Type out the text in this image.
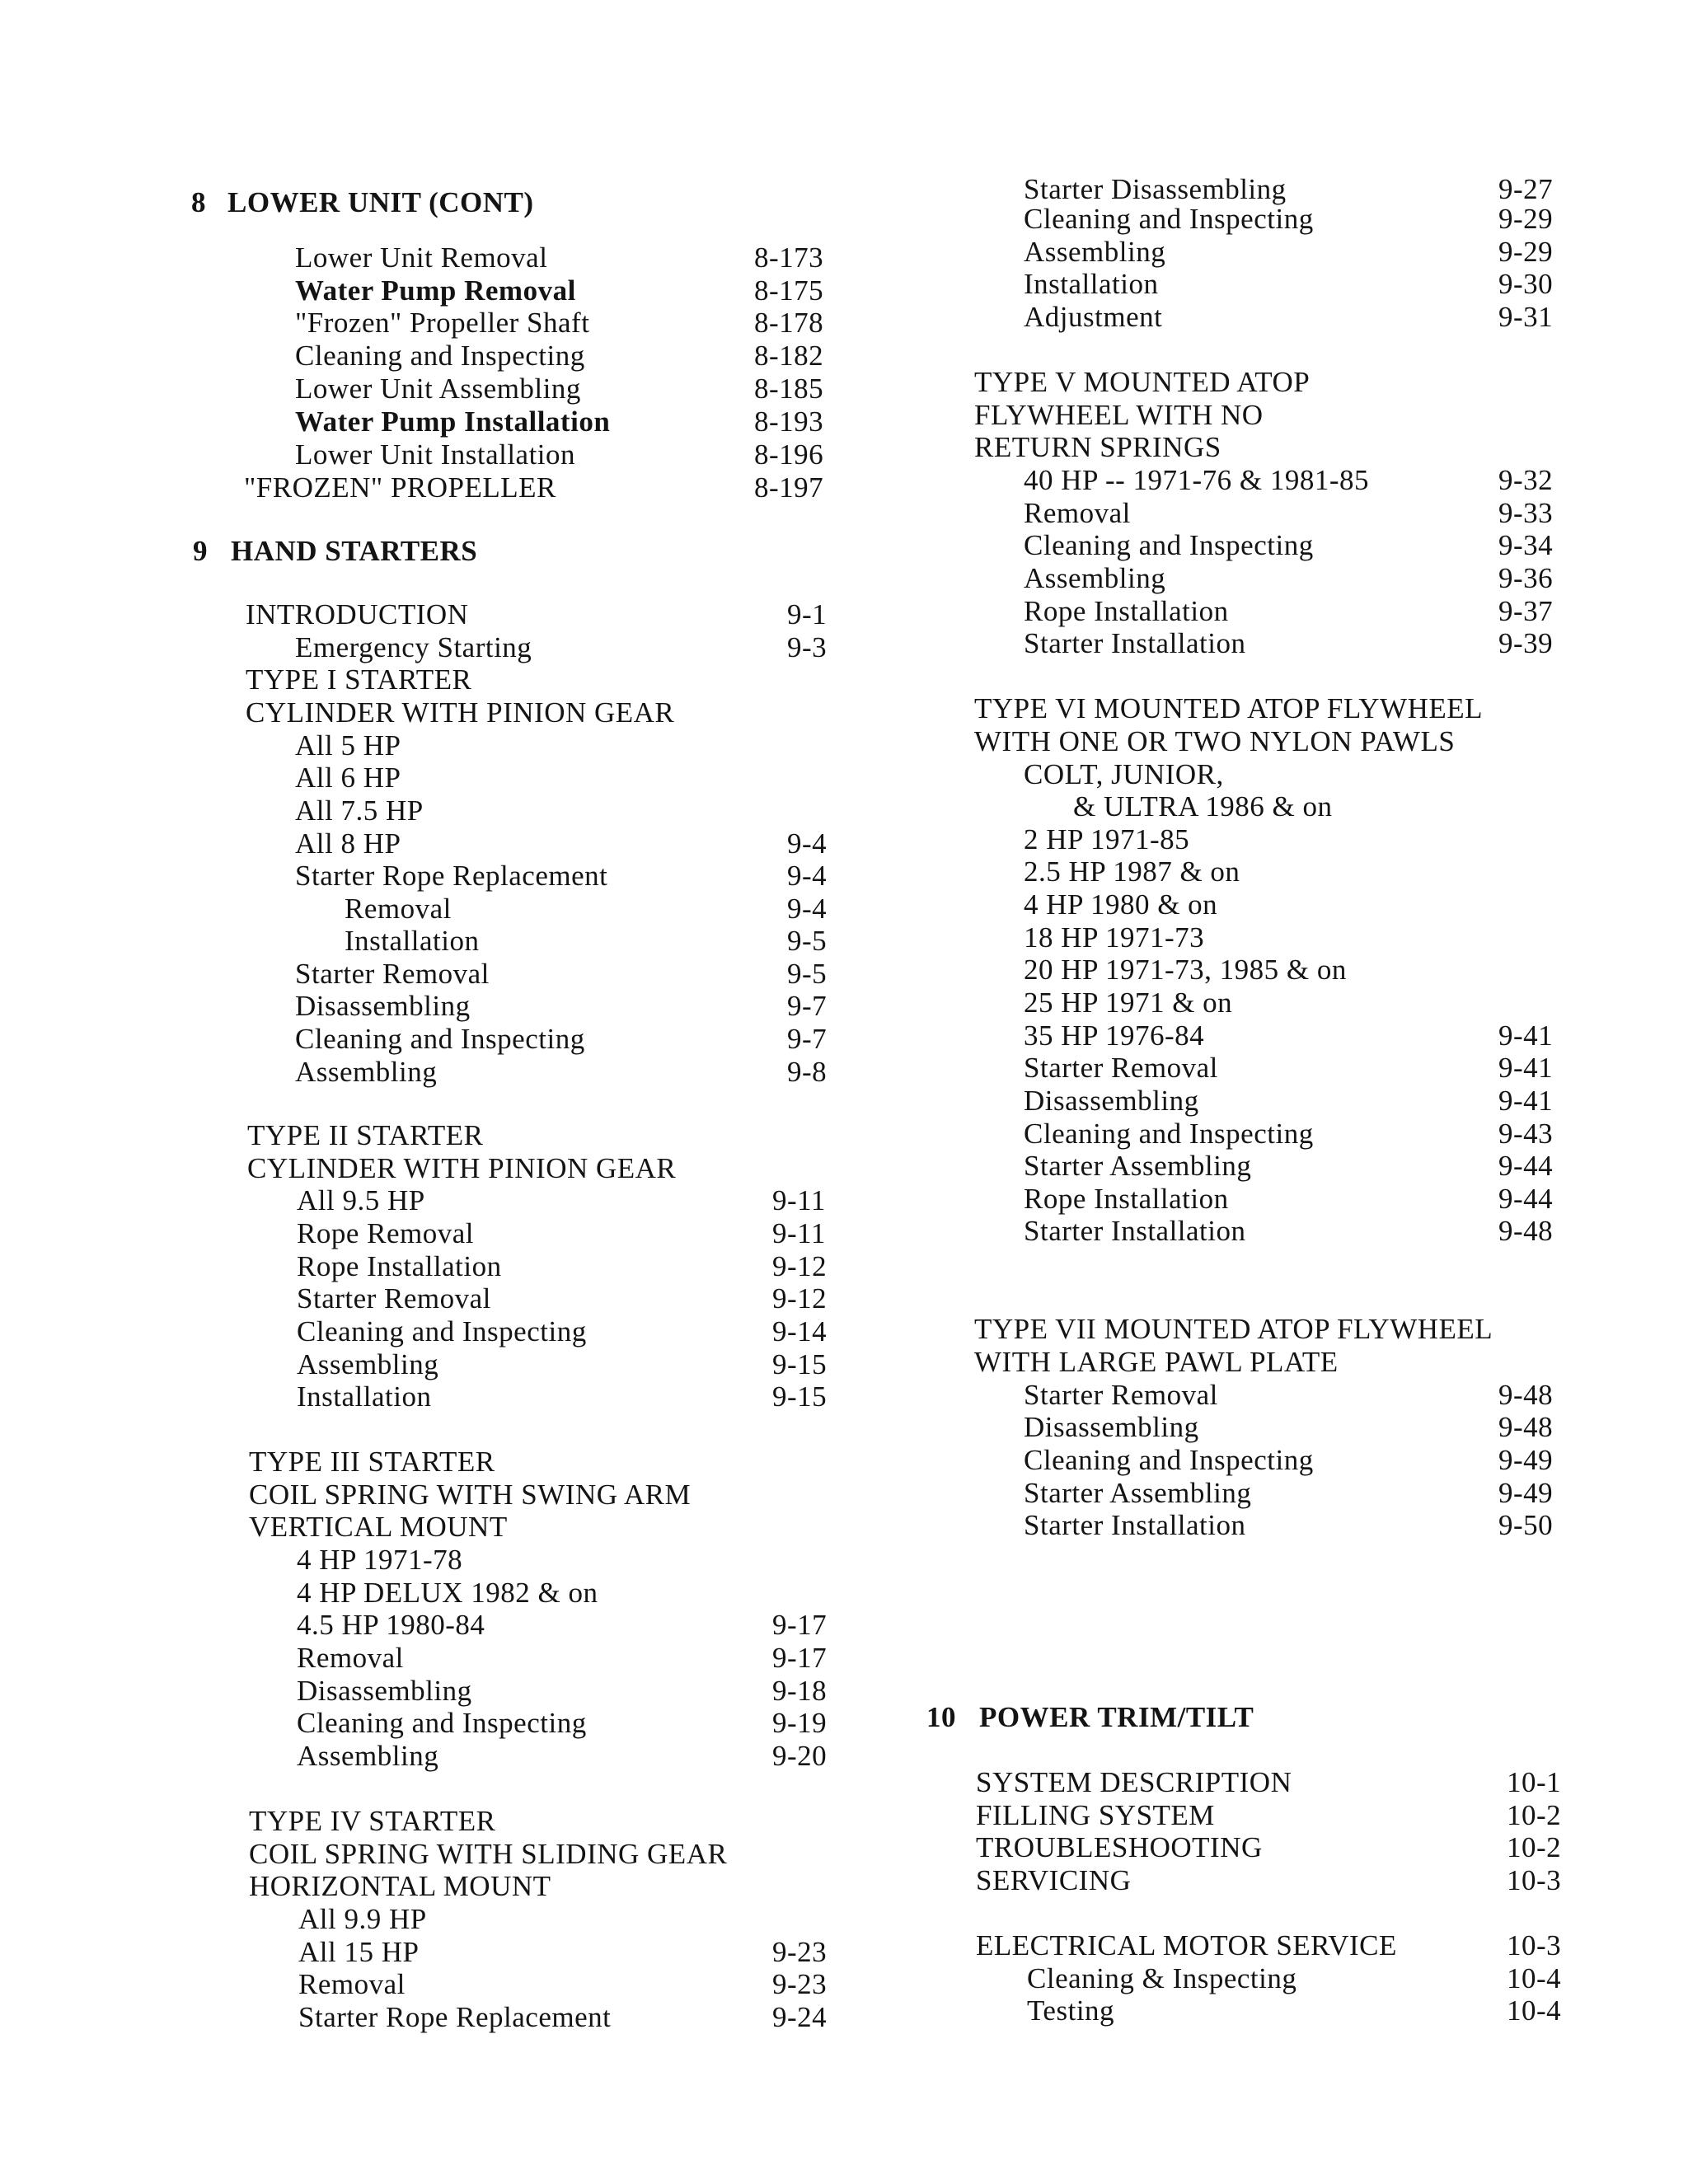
8 LOWER UNIT (CONT)
Lower Unit Removal	8-173
Water Pump Removal	8-175
"Frozen" Propeller Shaft	8-178
Cleaning and Inspecting	8-182
Lower Unit Assembling	8-185
Water Pump Installation	8-193
Lower Unit Installation	8-196
"FROZEN" PROPELLER	8-197
9 HAND STARTERS
INTRODUCTION	9-1
Emergency Starting	9-3
TYPE I STARTER
CYLINDER WITH PINION GEAR
All 5 HP
All 6 HP
All 7.5 HP
All 8 HP	9-4
Starter Rope Replacement	9-4
Removal	9-4
Installation	9-5
Starter Removal	9-5
Disassembling	9-7
Cleaning and Inspecting	9-7
Assembling	9-8
TYPE II STARTER
CYLINDER WITH PINION GEAR
All 9.5 HP	9-11
Rope Removal	9-11
Rope Installation	9-12
Starter Removal	9-12
Cleaning and Inspecting	9-14
Assembling	9-15
Installation	9-15
TYPE III STARTER
COIL SPRING WITH SWING ARM
VERTICAL MOUNT
4 HP 1971-78
4 HP DELUX 1982 & on
4.5 HP 1980-84	9-17
Removal	9-17
Disassembling	9-18
Cleaning and Inspecting	9-19
Assembling	9-20
TYPE IV STARTER
COIL SPRING WITH SLIDING GEAR
HORIZONTAL MOUNT
All 9.9 HP
All 15 HP	9-23
Removal	9-23
Starter Rope Replacement	9-24
Starter Disassembling	9-27
Cleaning and Inspecting	9-29
Assembling	9-29
Installation	9-30
Adjustment	9-31
TYPE V MOUNTED ATOP
FLYWHEEL WITH NO
RETURN SPRINGS
40 HP -- 1971-76 & 1981-85	9-32
Removal	9-33
Cleaning and Inspecting	9-34
Assembling	9-36
Rope Installation	9-37
Starter Installation	9-39
TYPE VI MOUNTED ATOP FLYWHEEL
WITH ONE OR TWO NYLON PAWLS
COLT, JUNIOR,
& ULTRA 1986 & on
2 HP 1971-85
2.5 HP 1987 & on
4 HP 1980 & on
18 HP 1971-73
20 HP 1971-73, 1985 & on
25 HP 1971 & on
35 HP 1976-84	9-41
Starter Removal	9-41
Disassembling	9-41
Cleaning and Inspecting	9-43
Starter Assembling	9-44
Rope Installation	9-44
Starter Installation	9-48
TYPE VII MOUNTED ATOP FLYWHEEL
WITH LARGE PAWL PLATE
Starter Removal	9-48
Disassembling	9-48
Cleaning and Inspecting	9-49
Starter Assembling	9-49
Starter Installation	9-50
10 POWER TRIM/TILT
SYSTEM DESCRIPTION	10-1
FILLING SYSTEM	10-2
TROUBLESHOOTING	10-2
SERVICING	10-3
ELECTRICAL MOTOR SERVICE	10-3
Cleaning & Inspecting	10-4
Testing	10-4
